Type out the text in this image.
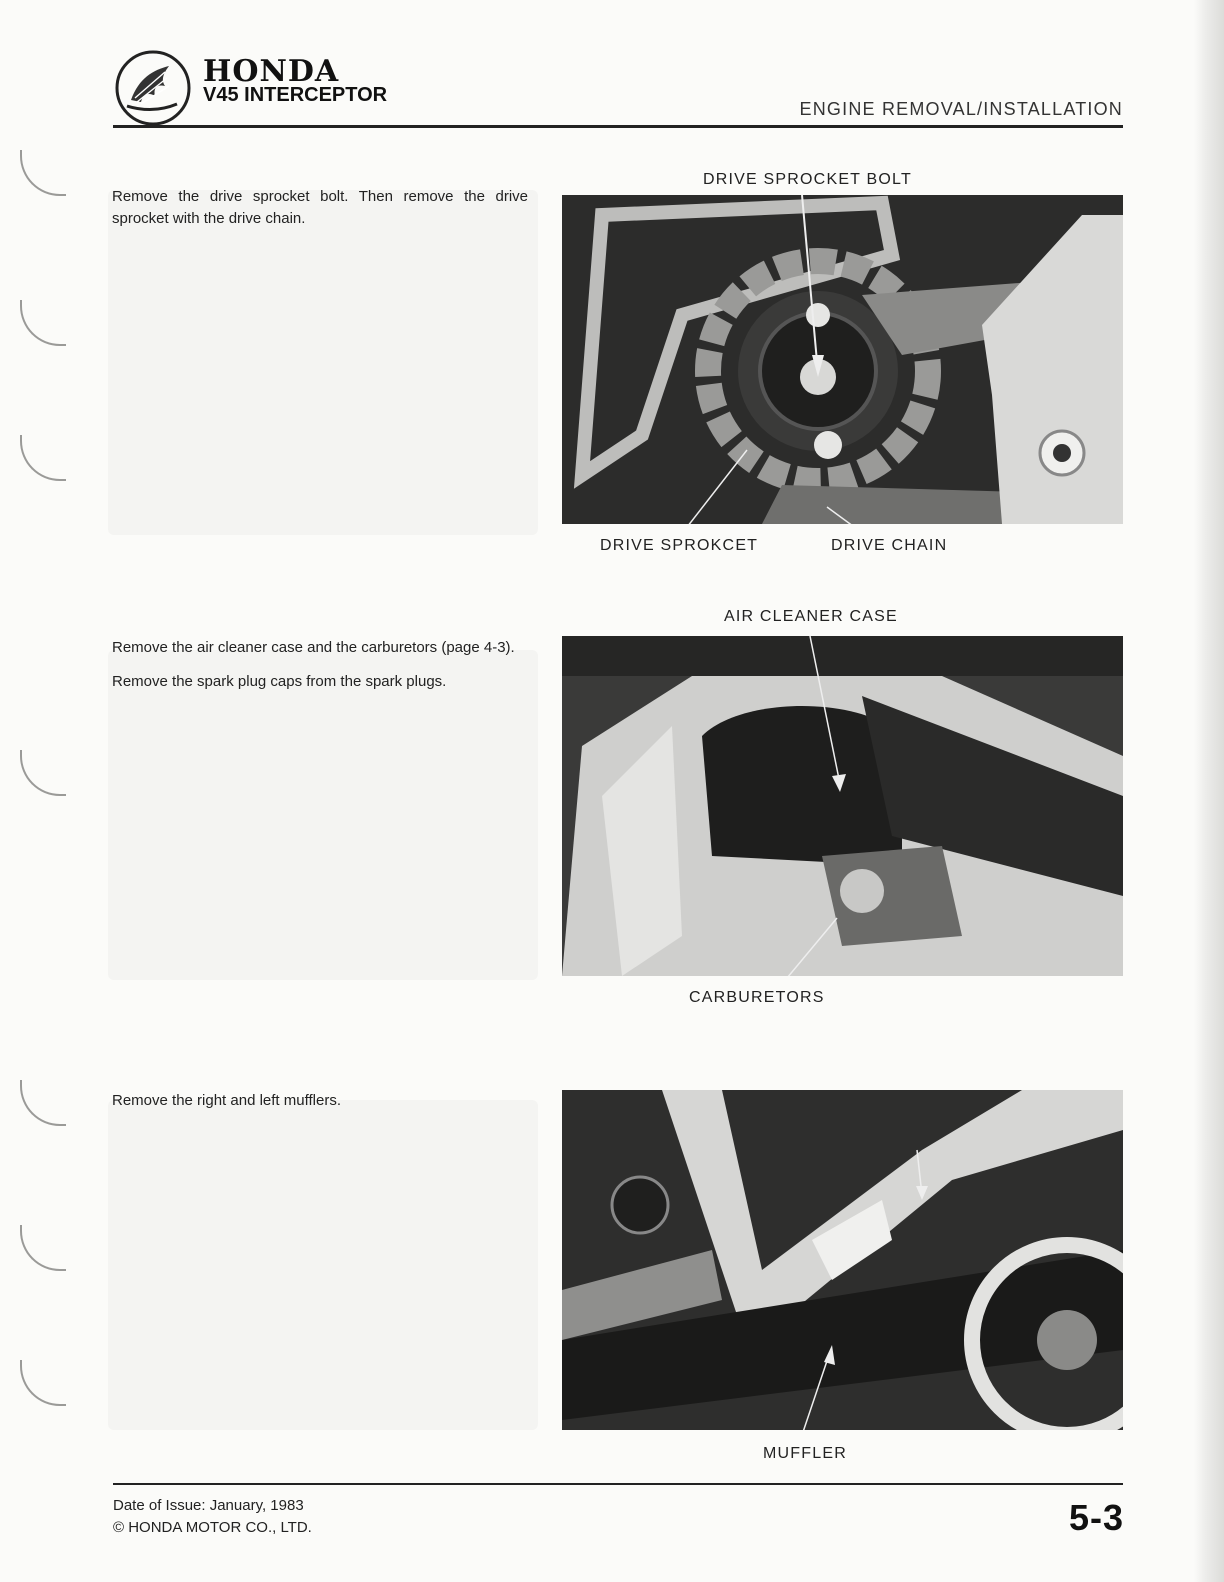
HONDA
V45 INTERCEPTOR
ENGINE REMOVAL/INSTALLATION

Remove the drive sprocket bolt. Then remove the drive sprocket with the drive chain.

DRIVE SPROCKET BOLT
DRIVE SPROKCET	DRIVE CHAIN

Remove the air cleaner case and the carburetors (page 4-3).

Remove the spark plug caps from the spark plugs.

AIR CLEANER CASE
CARBURETORS

Remove the right and left mufflers.

MUFFLER
Date of Issue: January, 1983
© HONDA MOTOR CO., LTD.	5-3
